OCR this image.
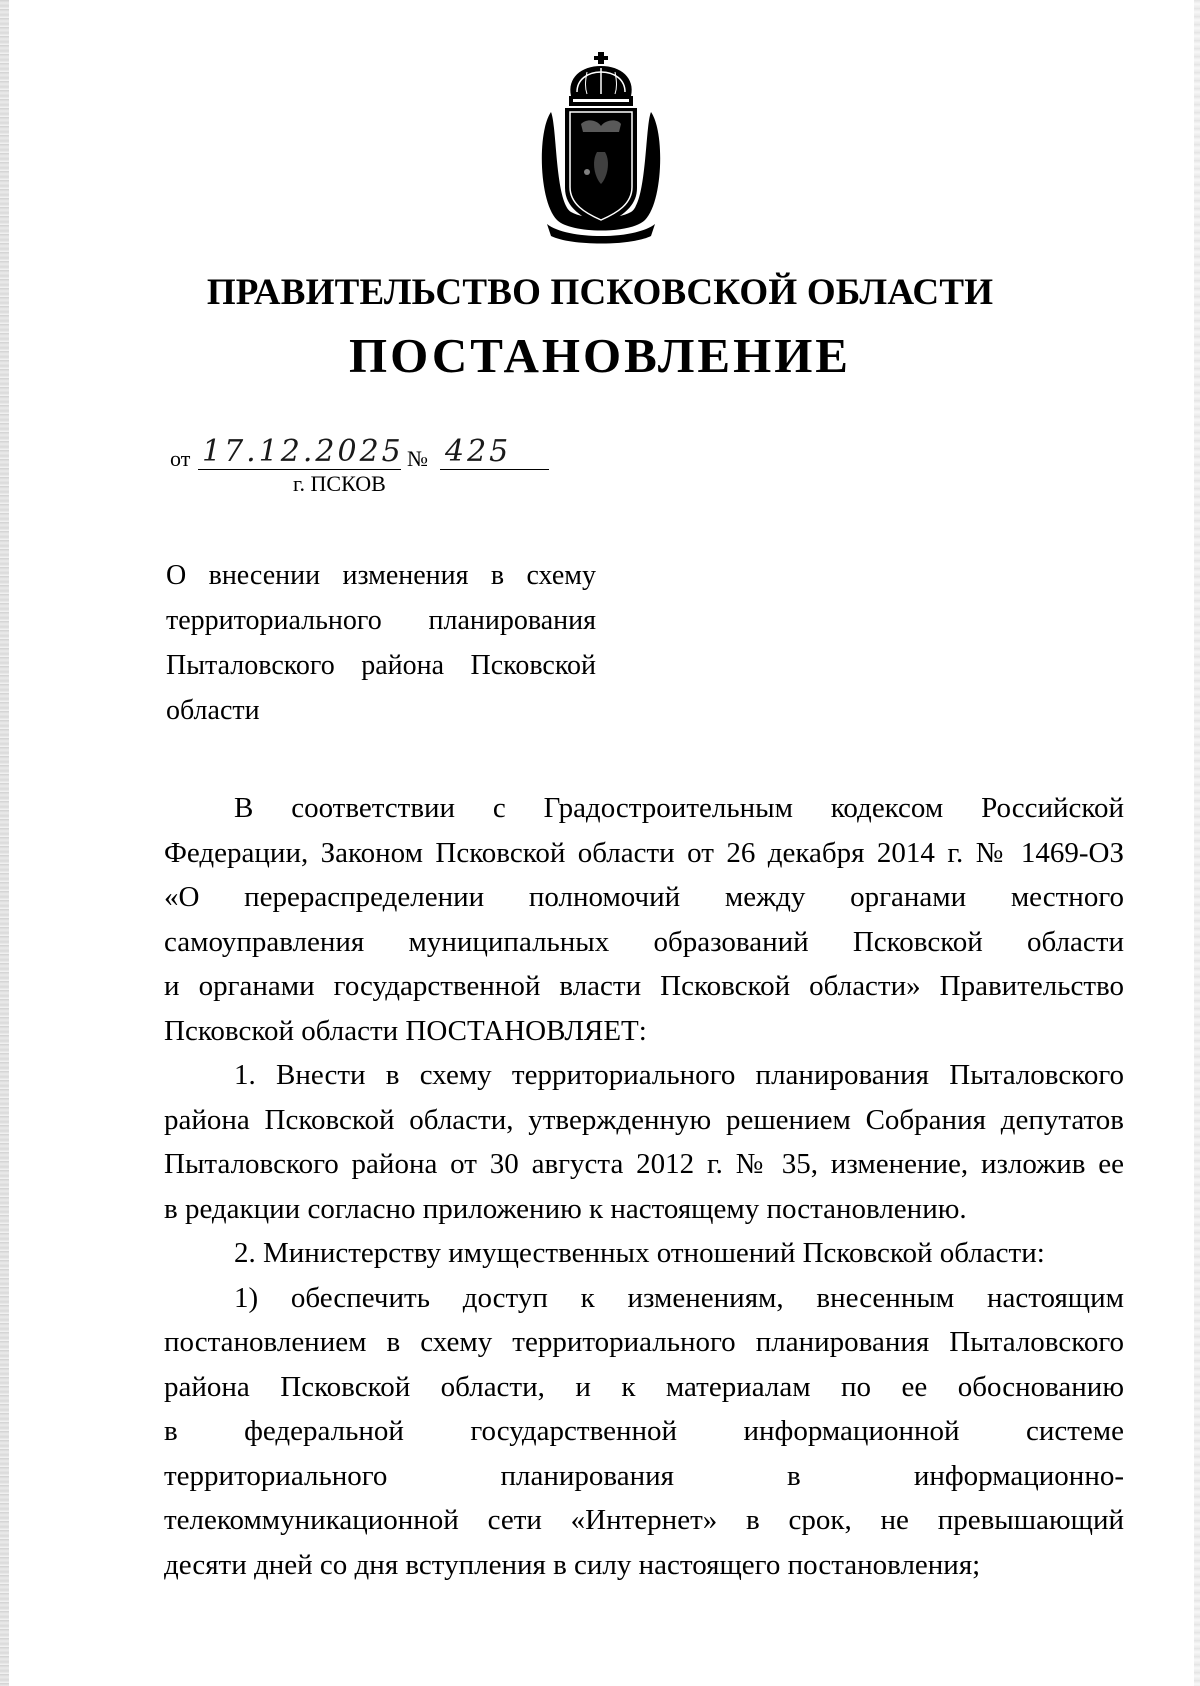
ПРАВИТЕЛЬСТВО ПСКОВСКОЙ ОБЛАСТИ
ПОСТАНОВЛЕНИЕ
от 17.12.2025 № 425
г. ПСКОВ
О внесении изменения в схему
территориального планирования
Пыталовского района Псковской
области
В соответствии с Градостроительным кодексом Российской
Федерации, Законом Псковской области от 26 декабря 2014 г. № 1469-ОЗ
«О перераспределении полномочий между органами местного
самоуправления муниципальных образований Псковской области
и органами государственной власти Псковской области» Правительство
Псковской области ПОСТАНОВЛЯЕТ:
1. Внести в схему территориального планирования Пыталовского
района Псковской области, утвержденную решением Собрания депутатов
Пыталовского района от 30 августа 2012 г. № 35, изменение, изложив ее
в редакции согласно приложению к настоящему постановлению.
2. Министерству имущественных отношений Псковской области:
1) обеспечить доступ к изменениям, внесенным настоящим
постановлением в схему территориального планирования Пыталовского
района Псковской области, и к материалам по ее обоснованию
в федеральной государственной информационной системе
территориального планирования в информационно-
телекоммуникационной сети «Интернет» в срок, не превышающий
десяти дней со дня вступления в силу настоящего постановления;
